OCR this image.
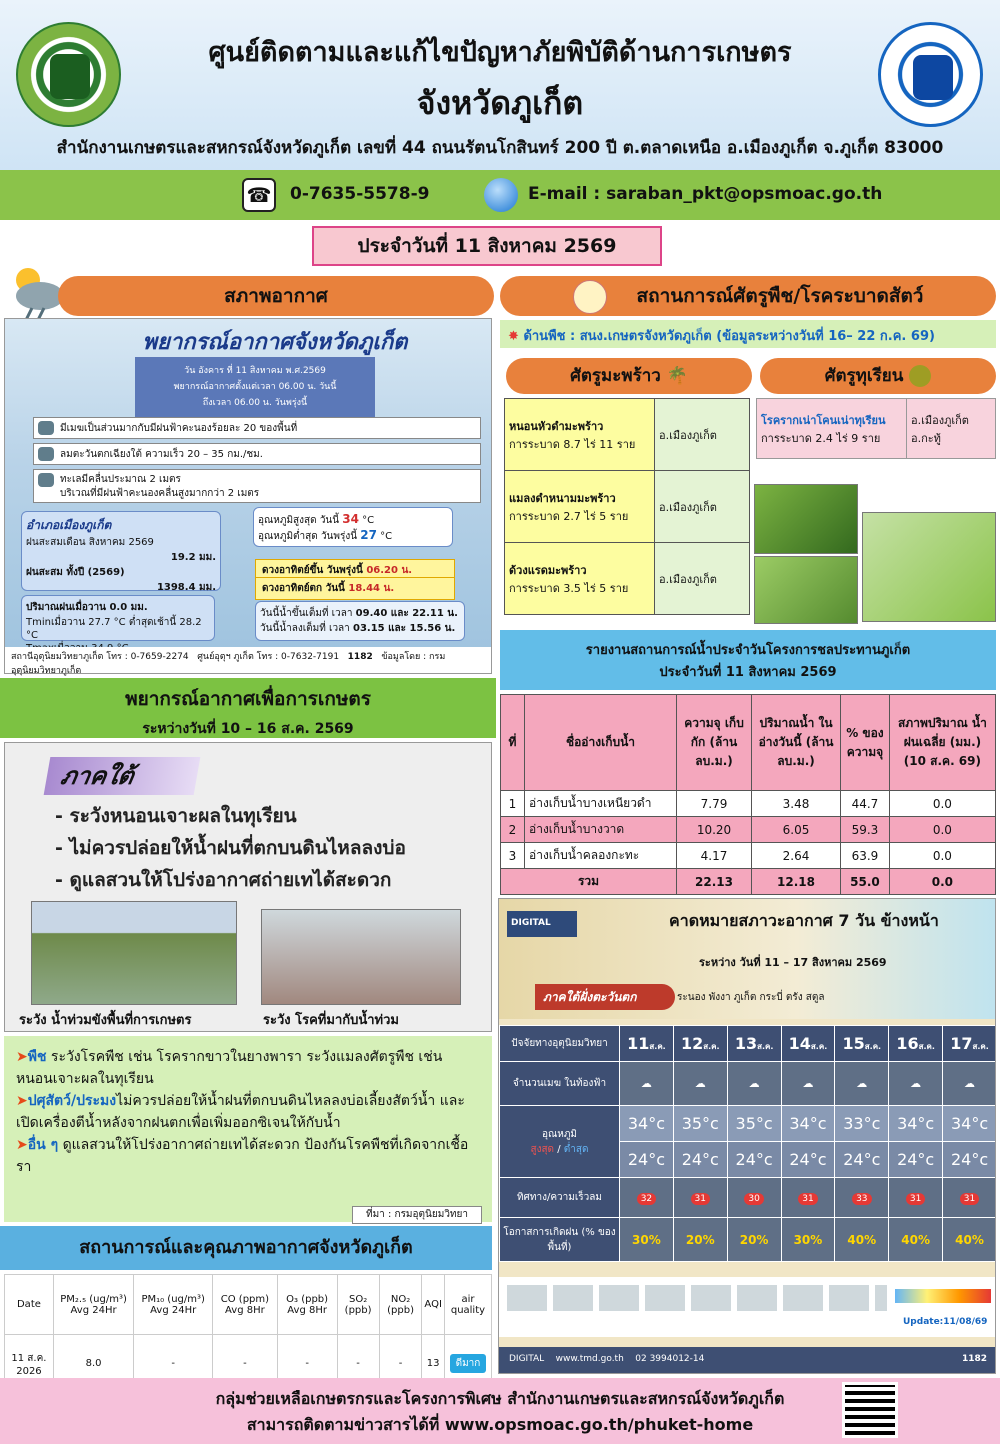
ศูนย์ติดตามและแก้ไขปัญหาภัยพิบัติด้านการเกษตร
จังหวัดภูเก็ต
สำนักงานเกษตรและสหกรณ์จังหวัดภูเก็ต เลขที่ 44 ถนนรัตนโกสินทร์ 200 ปี ต.ตลาดเหนือ อ.เมืองภูเก็ต จ.ภูเก็ต 83000
☎ 0-7635-5578-9	E-mail : saraban_pkt@opsmoac.go.th
ประจำวันที่ 11 สิงหาคม 2569
สภาพอากาศ
พยากรณ์อากาศจังหวัดภูเก็ต
วัน อังคาร ที่ 11 สิงหาคม พ.ศ.2569
พยากรณ์อากาศตั้งแต่เวลา 06.00 น. วันนี้
ถึงเวลา 06.00 น. วันพรุ่งนี้
มีเมฆเป็นส่วนมากกับมีฝนฟ้าคะนองร้อยละ 20 ของพื้นที่
ลมตะวันตกเฉียงใต้ ความเร็ว 20 – 35 กม./ชม.
ทะเลมีคลื่นประมาณ 2 เมตร
บริเวณที่มีฝนฟ้าคะนองคลื่นสูงมากกว่า 2 เมตร
อำเภอเมืองภูเก็ต
ฝนสะสมเดือน สิงหาคม 2569
19.2 มม.
ฝนสะสม ทั้งปี (2569)
1398.4 มม.
ปริมาณฝนเมื่อวาน 0.0 มม.
Tminเมื่อวาน 27.7 °C ต่ำสุดเช้านี้ 28.2 °C
อุณหภูมิสูงสุด วันนี้ 34 °C
อุณหภูมิต่ำสุด วันพรุ่งนี้ 27 °C
ดวงอาทิตย์ขึ้น วันพรุ่งนี้ 06.20 น.
ดวงอาทิตย์ตก วันนี้ 18.44 น.
วันนี้น้ำขึ้นเต็มที่ เวลา 09.40 และ 22.11 น.
วันนี้น้ำลงเต็มที่ เวลา 03.15 และ 15.56 น.
สถานีอุตุนิยมวิทยาภูเก็ต โทร : 0-7659-2274 ศูนย์อุตุฯ ภูเก็ต โทร : 0-7632-7191 1182 ข้อมูลโดย : กรมอุตุนิยมวิทยาภูเก็ต
พยากรณ์อากาศเพื่อการเกษตร
ระหว่างวันที่ 10 – 16 ส.ค. 2569
ภาคใต้
- ระวังหนอนเจาะผลในทุเรียน
- ไม่ควรปล่อยให้น้ำฝนที่ตกบนดินไหลลงบ่อ
- ดูแลสวนให้โปร่งอากาศถ่ายเทได้สะดวก
ระวัง น้ำท่วมขังพื้นที่การเกษตร	ระวัง โรคที่มากับน้ำท่วม
➤พืช ระวังโรคพืช เช่น โรครากขาวในยางพารา ระวังแมลงศัตรูพืช เช่น หนอนเจาะผลในทุเรียน
➤ปศุสัตว์/ประมงไม่ควรปล่อยให้น้ำฝนที่ตกบนดินไหลลงบ่อเลี้ยงสัตว์น้ำ และเปิดเครื่องตีน้ำหลังจากฝนตกเพื่อเพิ่มออกซิเจนให้กับน้ำ
➤อื่น ๆ ดูแลสวนให้โปร่งอากาศถ่ายเทได้สะดวก ป้องกันโรคพืชที่เกิดจากเชื้อรา
ที่มา : กรมอุตุนิยมวิทยา
สถานการณ์และคุณภาพอากาศจังหวัดภูเก็ต
Date	PM₂.₅ (ug/m³) Avg 24Hr	PM₁₀ (ug/m³) Avg 24Hr	CO (ppm) Avg 8Hr	O₃ (ppb) Avg 8Hr	SO₂ (ppb)	NO₂ (ppb)	AQI	air quality
11 ส.ค. 2026	8.0	-	-	-	-	-	13	ดีมาก
สถานการณ์ศัตรูพืช/โรคระบาดสัตว์
✸ ด้านพืช : สนง.เกษตรจังหวัดภูเก็ต (ข้อมูลระหว่างวันที่ 16– 22 ก.ค. 69)
ศัตรูมะพร้าว 🌴	ศัตรูทุเรียน
หนอนหัวดำมะพร้าว
การระบาด 8.7 ไร่ 11 ราย	อ.เมืองภูเก็ต
แมลงดำหนามมะพร้าว
การระบาด 2.7 ไร่ 5 ราย	อ.เมืองภูเก็ต
ด้วงแรดมะพร้าว
การระบาด 3.5 ไร่ 5 ราย	อ.เมืองภูเก็ต
โรครากเน่าโคนเน่าทุเรียน
การระบาด 2.4 ไร่ 9 ราย	อ.เมืองภูเก็ต
อ.กะทู้
รายงานสถานการณ์น้ำประจำวันโครงการชลประทานภูเก็ต
ประจำวันที่ 11 สิงหาคม 2569
ที่	ชื่ออ่างเก็บน้ำ	ความจุ เก็บกัก (ล้าน ลบ.ม.)	ปริมาณน้ำ ในอ่างวันนี้ (ล้าน ลบ.ม.)	% ของ ความจุ	สภาพปริมาณ น้ำฝนเฉลี่ย (มม.) (10 ส.ค. 69)
1	อ่างเก็บน้ำบางเหนียวดำ	7.79	3.48	44.7	0.0
2	อ่างเก็บน้ำบางวาด	10.20	6.05	59.3	0.0
3	อ่างเก็บน้ำคลองกะทะ	4.17	2.64	63.9	0.0
รวม		22.13	12.18	55.0	0.0
DIGITAL	คาดหมายสภาวะอากาศ 7 วัน ข้างหน้า
ระหว่าง วันที่ 11 – 17 สิงหาคม 2569
ภาคใต้ฝั่งตะวันตก	ระนอง พังงา ภูเก็ต กระบี่ ตรัง สตูล
ปัจจัยทางอุตุนิยมวิทยา	11ส.ค.	12ส.ค.	13ส.ค.	14ส.ค.	15ส.ค.	16ส.ค.	17ส.ค.
จำนวนเมฆ ในท้องฟ้า	☁	☁	☁	☁	☁	☁	☁
อุณหภูมิ
สูงสุด / ต่ำสุด	34°c	35°c	35°c	34°c	33°c	34°c	34°c
	24°c	24°c	24°c	24°c	24°c	24°c	24°c
ทิศทาง/ความเร็วลม	32	31	30	31	33	31	31
โอกาสการเกิดฝน (% ของพื้นที่)	30%	20%	20%	30%	40%	40%	40%
Update:11/08/69
DIGITAL www.tmd.go.th 02 3994012-14	1182
กลุ่มช่วยเหลือเกษตรกรและโครงการพิเศษ สำนักงานเกษตรและสหกรณ์จังหวัดภูเก็ต
สามารถติดตามข่าวสารได้ที่ www.opsmoac.go.th/phuket-home
